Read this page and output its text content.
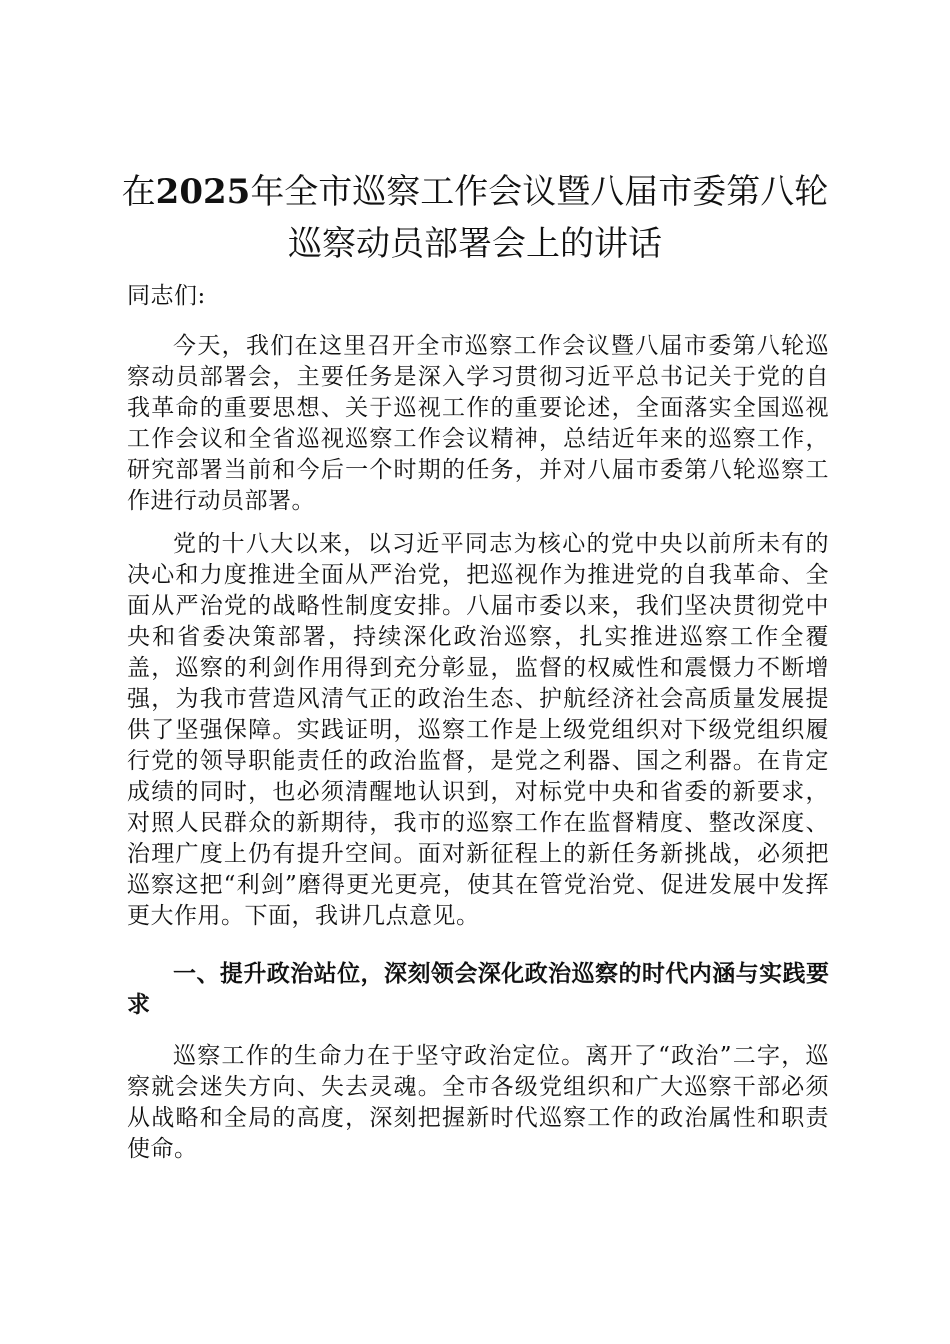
在2025年全市巡察工作会议暨八届市委第八轮巡察动员部署会上的讲话

同志们:

今天，我们在这里召开全市巡察工作会议暨八届市委第八轮巡察动员部署会，主要任务是深入学习贯彻习近平总书记关于党的自我革命的重要思想、关于巡视工作的重要论述，全面落实全国巡视工作会议和全省巡视巡察工作会议精神，总结近年来的巡察工作，研究部署当前和今后一个时期的任务，并对八届市委第八轮巡察工作进行动员部署。

党的十八大以来，以习近平同志为核心的党中央以前所未有的决心和力度推进全面从严治党，把巡视作为推进党的自我革命、全面从严治党的战略性制度安排。八届市委以来，我们坚决贯彻党中央和省委决策部署，持续深化政治巡察，扎实推进巡察工作全覆盖，巡察的利剑作用得到充分彰显，监督的权威性和震慑力不断增强，为我市营造风清气正的政治生态、护航经济社会高质量发展提供了坚强保障。实践证明，巡察工作是上级党组织对下级党组织履行党的领导职能责任的政治监督，是党之利器、国之利器。在肯定成绩的同时，也必须清醒地认识到，对标党中央和省委的新要求，对照人民群众的新期待，我市的巡察工作在监督精度、整改深度、治理广度上仍有提升空间。面对新征程上的新任务新挑战，必须把巡察这把“利剑”磨得更光更亮，使其在管党治党、促进发展中发挥更大作用。下面，我讲几点意见。

一、提升政治站位，深刻领会深化政治巡察的时代内涵与实践要求

巡察工作的生命力在于坚守政治定位。离开了“政治”二字，巡察就会迷失方向、失去灵魂。全市各级党组织和广大巡察干部必须从战略和全局的高度，深刻把握新时代巡察工作的政治属性和职责使命。
